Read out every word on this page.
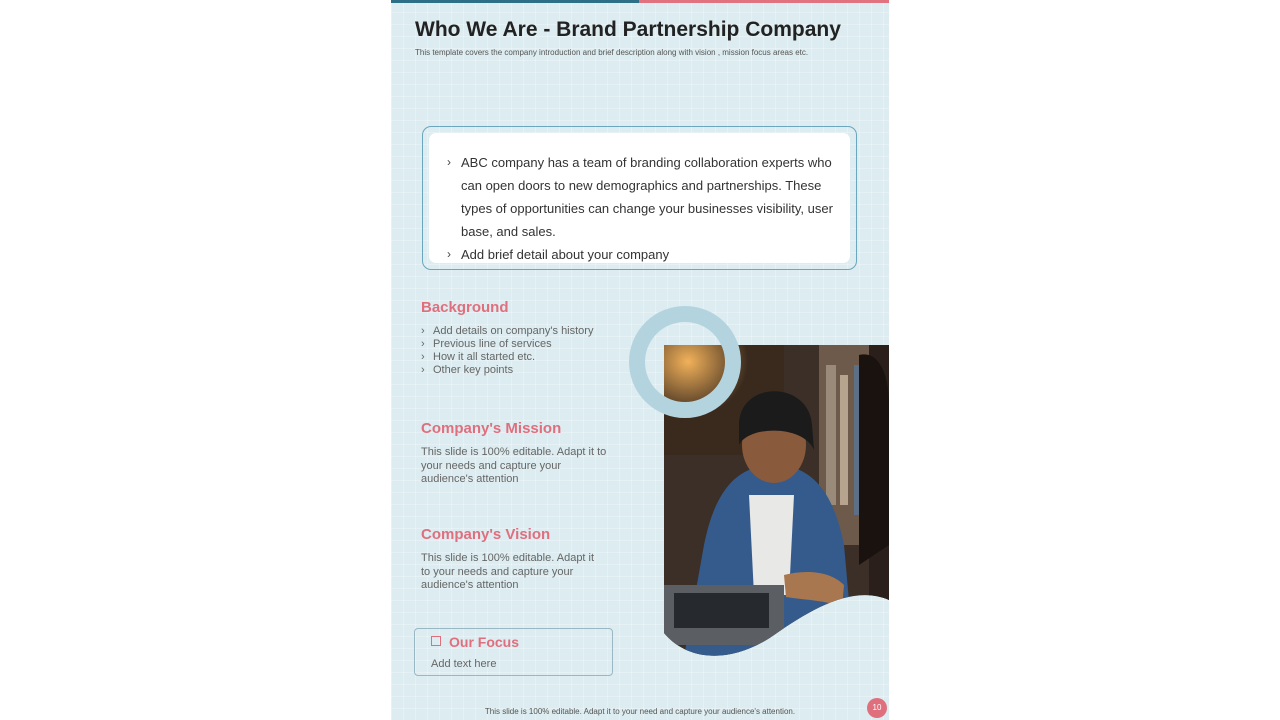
Who We Are - Brand Partnership Company
This template covers the company introduction and brief description along with vision , mission focus areas etc.
› ABC company has a team of branding collaboration experts who can open doors to new demographics and partnerships. These types of opportunities can change your businesses visibility, user base, and sales.
› Add brief detail about your company
Background
› Add details on company's history
› Previous line of services
› How it all started etc.
› Other key points
Company's Mission
This slide is 100% editable. Adapt it to your needs and capture your audience's attention
Company's Vision
This slide is 100% editable. Adapt it to your needs and capture your audience's attention
Our Focus
Add text here
This slide is 100% editable. Adapt it to your need and capture your audience's attention.	10
